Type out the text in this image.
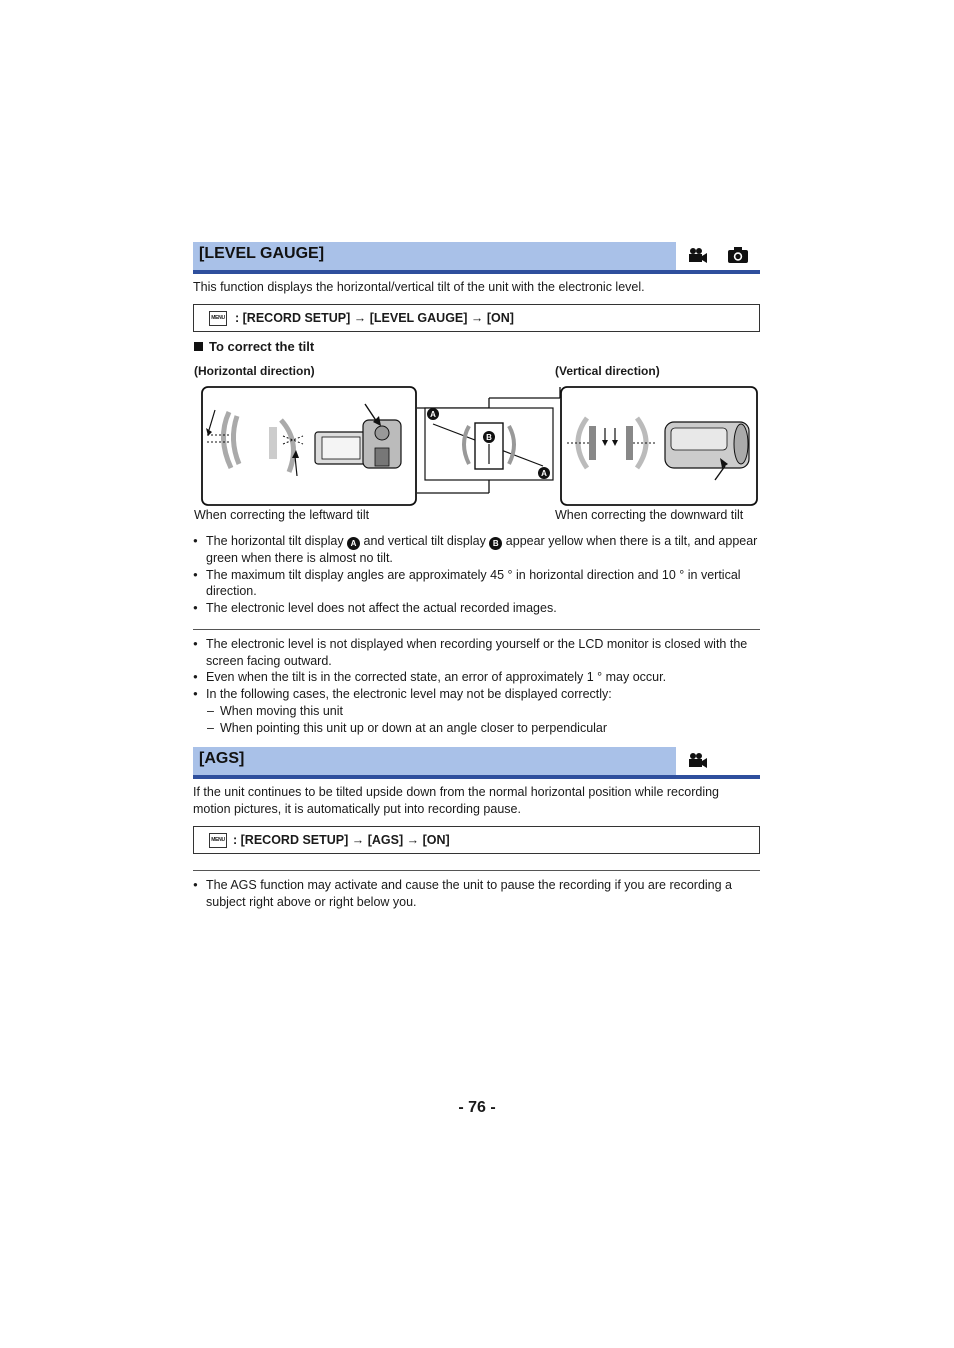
[LEVEL GAUGE]
This function displays the horizontal/vertical tilt of the unit with the electronic level.
MENU : [RECORD SETUP] → [LEVEL GAUGE] → [ON]
To correct the tilt
(Horizontal direction)	(Vertical direction)
A
B
A
When correcting the leftward tilt	When correcting the downward tilt
● The horizontal tilt display A and vertical tilt display B appear yellow when there is a tilt, and appear green when there is almost no tilt.
● The maximum tilt display angles are approximately 45 ° in horizontal direction and 10 ° in vertical direction.
● The electronic level does not affect the actual recorded images.
● The electronic level is not displayed when recording yourself or the LCD monitor is closed with the screen facing outward.
● Even when the tilt is in the corrected state, an error of approximately 1 ° may occur.
● In the following cases, the electronic level may not be displayed correctly:
– When moving this unit
– When pointing this unit up or down at an angle closer to perpendicular
[AGS]
If the unit continues to be tilted upside down from the normal horizontal position while recording motion pictures, it is automatically put into recording pause.
MENU : [RECORD SETUP] → [AGS] → [ON]
● The AGS function may activate and cause the unit to pause the recording if you are recording a subject right above or right below you.
- 76 -
